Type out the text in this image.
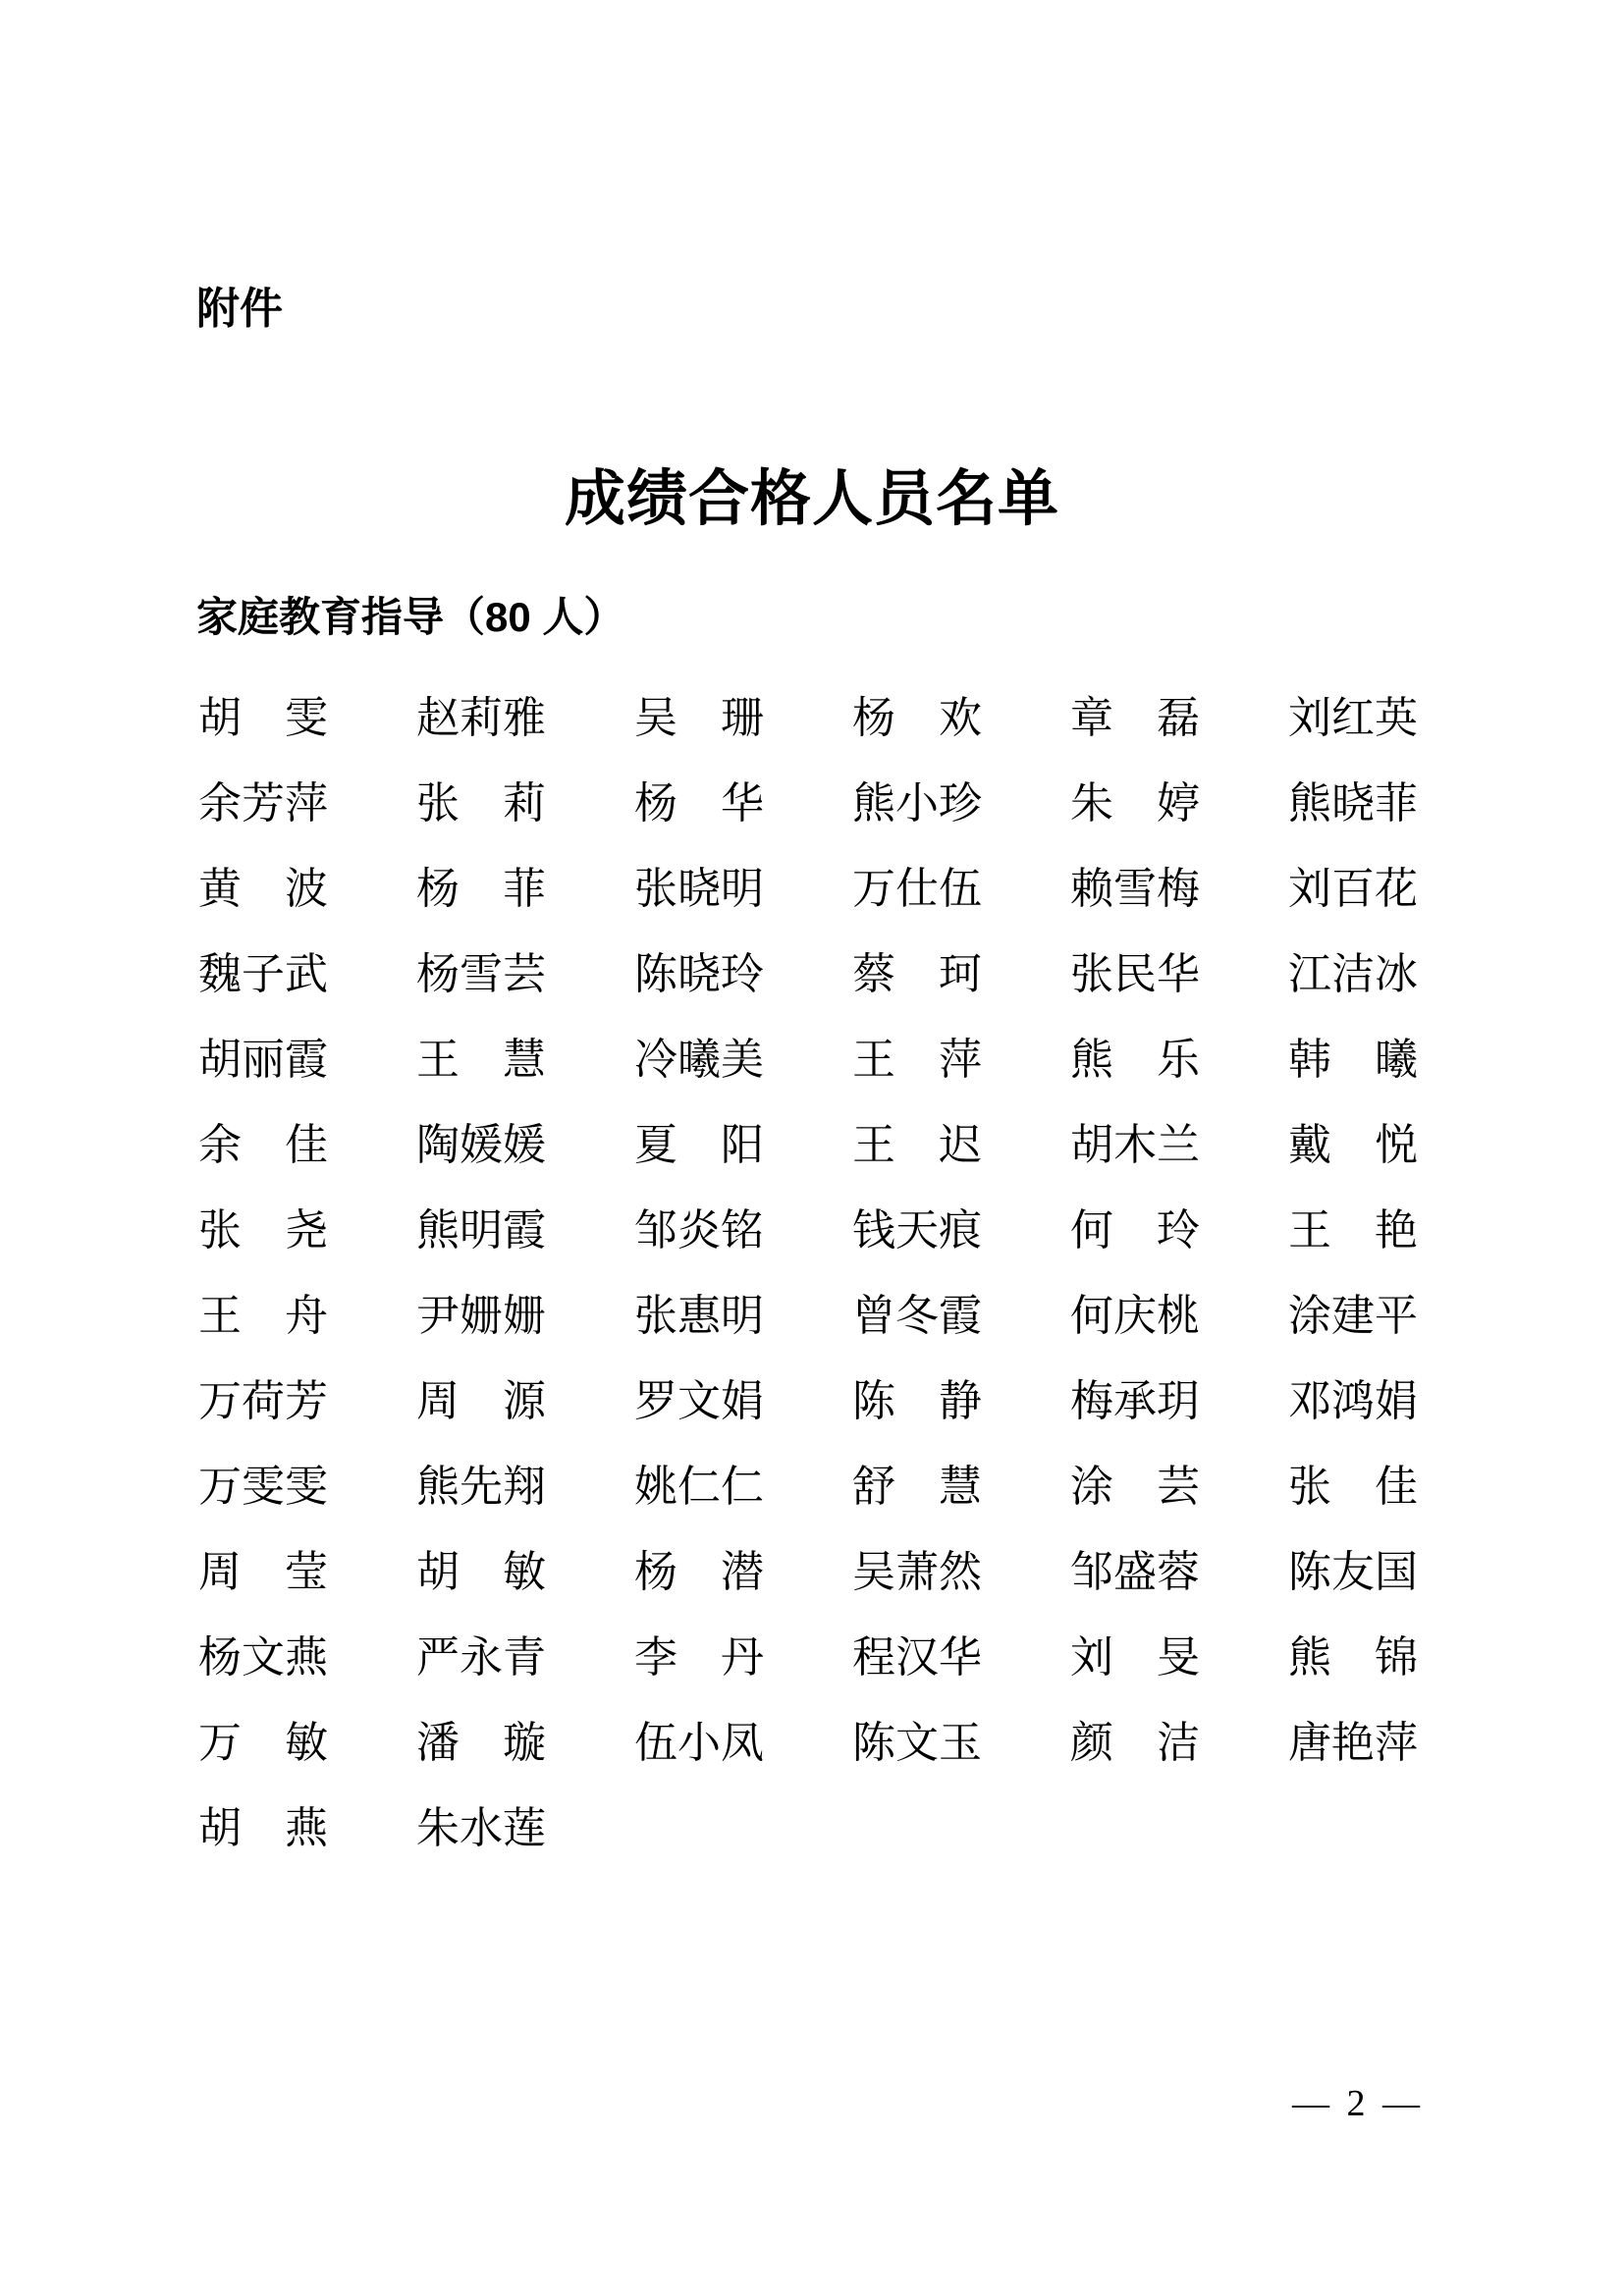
附件
成绩合格人员名单
家庭教育指导（80 人）
胡　雯 赵莉雅 吴　珊 杨　欢 章　磊 刘红英
余芳萍 张　莉 杨　华 熊小珍 朱　婷 熊晓菲
黄　波 杨　菲 张晓明 万仕伍 赖雪梅 刘百花
魏子武 杨雪芸 陈晓玲 蔡　珂 张民华 江洁冰
胡丽霞 王　慧 冷曦美 王　萍 熊　乐 韩　曦
余　佳 陶媛媛 夏　阳 王　迟 胡木兰 戴　悦
张　尧 熊明霞 邹炎铭 钱天痕 何　玲 王　艳
王　舟 尹姗姗 张惠明 曾冬霞 何庆桃 涂建平
万荷芳 周　源 罗文娟 陈　静 梅承玥 邓鸿娟
万雯雯 熊先翔 姚仁仁 舒　慧 涂　芸 张　佳
周　莹 胡　敏 杨　潜 吴萧然 邹盛蓉 陈友国
杨文燕 严永青 李　丹 程汉华 刘　旻 熊　锦
万　敏 潘　璇 伍小凤 陈文玉 颜　洁 唐艳萍
胡　燕 朱水莲
— 2 —
